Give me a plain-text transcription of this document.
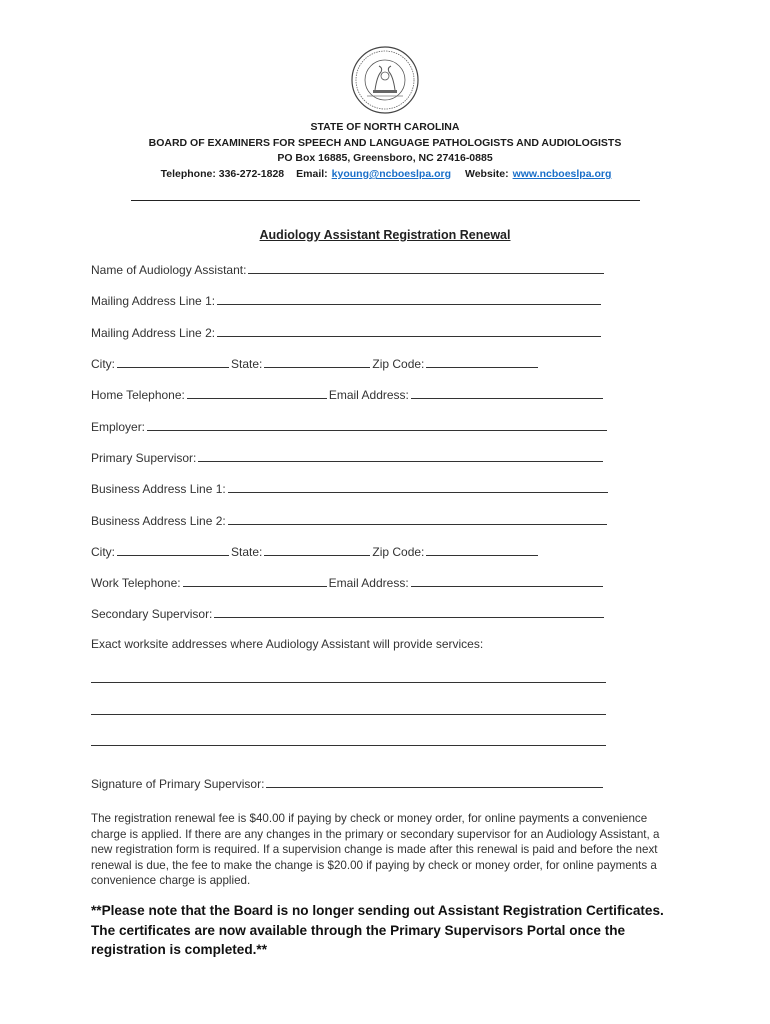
STATE OF NORTH CAROLINA
BOARD OF EXAMINERS FOR SPEECH AND LANGUAGE PATHOLOGISTS AND AUDIOLOGISTS
PO Box 16885, Greensboro, NC 27416-0885
Telephone: 336-272-1828 Email: kyoung@ncboeslpa.org Website: www.ncboeslpa.org
Audiology Assistant Registration Renewal
Name of Audiology Assistant:
Mailing Address Line 1:
Mailing Address Line 2:
City:	State:	Zip Code:
Home Telephone:	Email Address:
Employer:
Primary Supervisor:
Business Address Line 1:
Business Address Line 2:
City:	State:	Zip Code:
Work Telephone:	Email Address:
Secondary Supervisor:
Exact worksite addresses where Audiology Assistant will provide services:
Signature of Primary Supervisor:
The registration renewal fee is $40.00 if paying by check or money order, for online payments a convenience charge is applied. If there are any changes in the primary or secondary supervisor for an Audiology Assistant, a new registration form is required. If a supervision change is made after this renewal is paid and before the next renewal is due, the fee to make the change is $20.00 if paying by check or money order, for online payments a convenience charge is applied.
**Please note that the Board is no longer sending out Assistant Registration Certificates. The certificates are now available through the Primary Supervisors Portal once the registration is completed.**
